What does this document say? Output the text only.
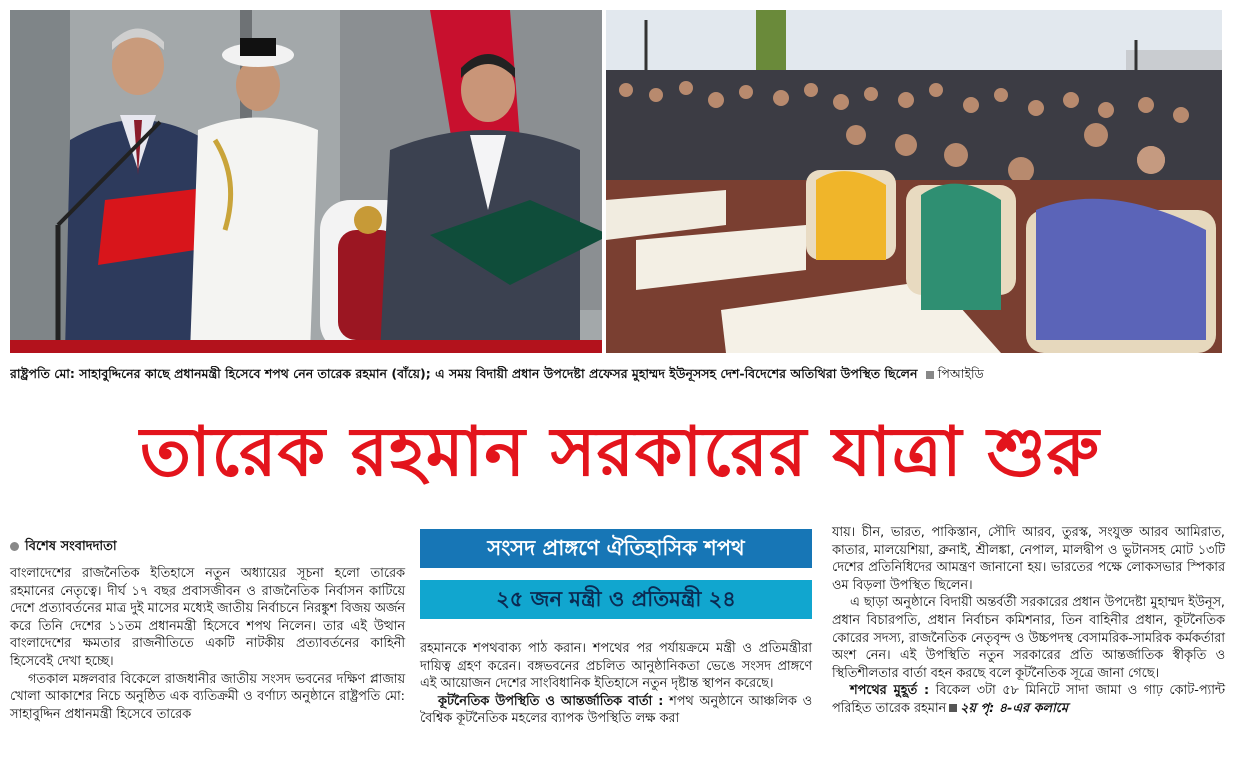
রাষ্ট্রপতি মো: সাহাবুদ্দিনের কাছে প্রধানমন্ত্রী হিসেবে শপথ নেন তারেক রহমান (বাঁয়ে); এ সময় বিদায়ী প্রধান উপদেষ্টা প্রফেসর মুহাম্মদ ইউনূসসহ দেশ-বিদেশের অতিথিরা উপস্থিত ছিলেন পিআইডি
তারেক রহমান সরকারের যাত্রা শুরু
বিশেষ সংবাদদাতা	সংসদ প্রাঙ্গণে ঐতিহাসিক শপথ
২৫ জন মন্ত্রী ও প্রতিমন্ত্রী ২৪

বাংলাদেশের রাজনৈতিক ইতিহাসে নতুন অধ্যায়ের সূচনা হলো তারেক রহমানের নেতৃত্বে। দীর্ঘ ১৭ বছর প্রবাসজীবন ও রাজনৈতিক নির্বাসন কাটিয়ে দেশে প্রত্যাবর্তনের মাত্র দুই মাসের মধ্যেই জাতীয় নির্বাচনে নিরঙ্কুশ বিজয় অর্জন করে তিনি দেশের ১১তম প্রধানমন্ত্রী হিসেবে শপথ নিলেন। তার এই উত্থান বাংলাদেশের ক্ষমতার রাজনীতিতে একটি নাটকীয় প্রত্যাবর্তনের কাহিনী হিসেবেই দেখা হচ্ছে।

গতকাল মঙ্গলবার বিকেলে রাজধানীর জাতীয় সংসদ ভবনের দক্ষিণ প্লাজায় খোলা আকাশের নিচে অনুষ্ঠিত এক ব্যতিক্রমী ও বর্ণাঢ্য অনুষ্ঠানে রাষ্ট্রপতি মো: সাহাবুদ্দিন প্রধানমন্ত্রী হিসেবে তারেক

রহমানকে শপথবাক্য পাঠ করান। শপথের পর পর্যায়ক্রমে মন্ত্রী ও প্রতিমন্ত্রীরা দায়িত্ব গ্রহণ করেন। বঙ্গভবনের প্রচলিত আনুষ্ঠানিকতা ভেঙে সংসদ প্রাঙ্গণে এই আয়োজন দেশের সাংবিধানিক ইতিহাসে নতুন দৃষ্টান্ত স্থাপন করেছে।

কূটনৈতিক উপস্থিতি ও আন্তর্জাতিক বার্তা : শপথ অনুষ্ঠানে আঞ্চলিক ও বৈশ্বিক কূটনৈতিক মহলের ব্যাপক উপস্থিতি লক্ষ করা

যায়। চীন, ভারত, পাকিস্তান, সৌদি আরব, তুরস্ক, সংযুক্ত আরব আমিরাত, কাতার, মালয়েশিয়া, ব্রুনাই, শ্রীলঙ্কা, নেপাল, মালদ্বীপ ও ভুটানসহ মোট ১৩টি দেশের প্রতিনিধিদের আমন্ত্রণ জানানো হয়। ভারতের পক্ষে লোকসভার স্পিকার ওম বিড়লা উপস্থিত ছিলেন।

এ ছাড়া অনুষ্ঠানে বিদায়ী অন্তর্বর্তী সরকারের প্রধান উপদেষ্টা মুহাম্মদ ইউনূস, প্রধান বিচারপতি, প্রধান নির্বাচন কমিশনার, তিন বাহিনীর প্রধান, কূটনৈতিক কোরের সদস্য, রাজনৈতিক নেতৃবৃন্দ ও উচ্চপদস্থ বেসামরিক-সামরিক কর্মকর্তারা অংশ নেন। এই উপস্থিতি নতুন সরকারের প্রতি আন্তর্জাতিক স্বীকৃতি ও স্থিতিশীলতার বার্তা বহন করছে বলে কূটনৈতিক সূত্রে জানা গেছে।

শপথের মুহূর্ত : বিকেল ৩টা ৫৮ মিনিটে সাদা জামা ও গাঢ় কোট-প্যান্ট পরিহিত তারেক রহমান ২য় পৃ: ৪-এর কলামে
